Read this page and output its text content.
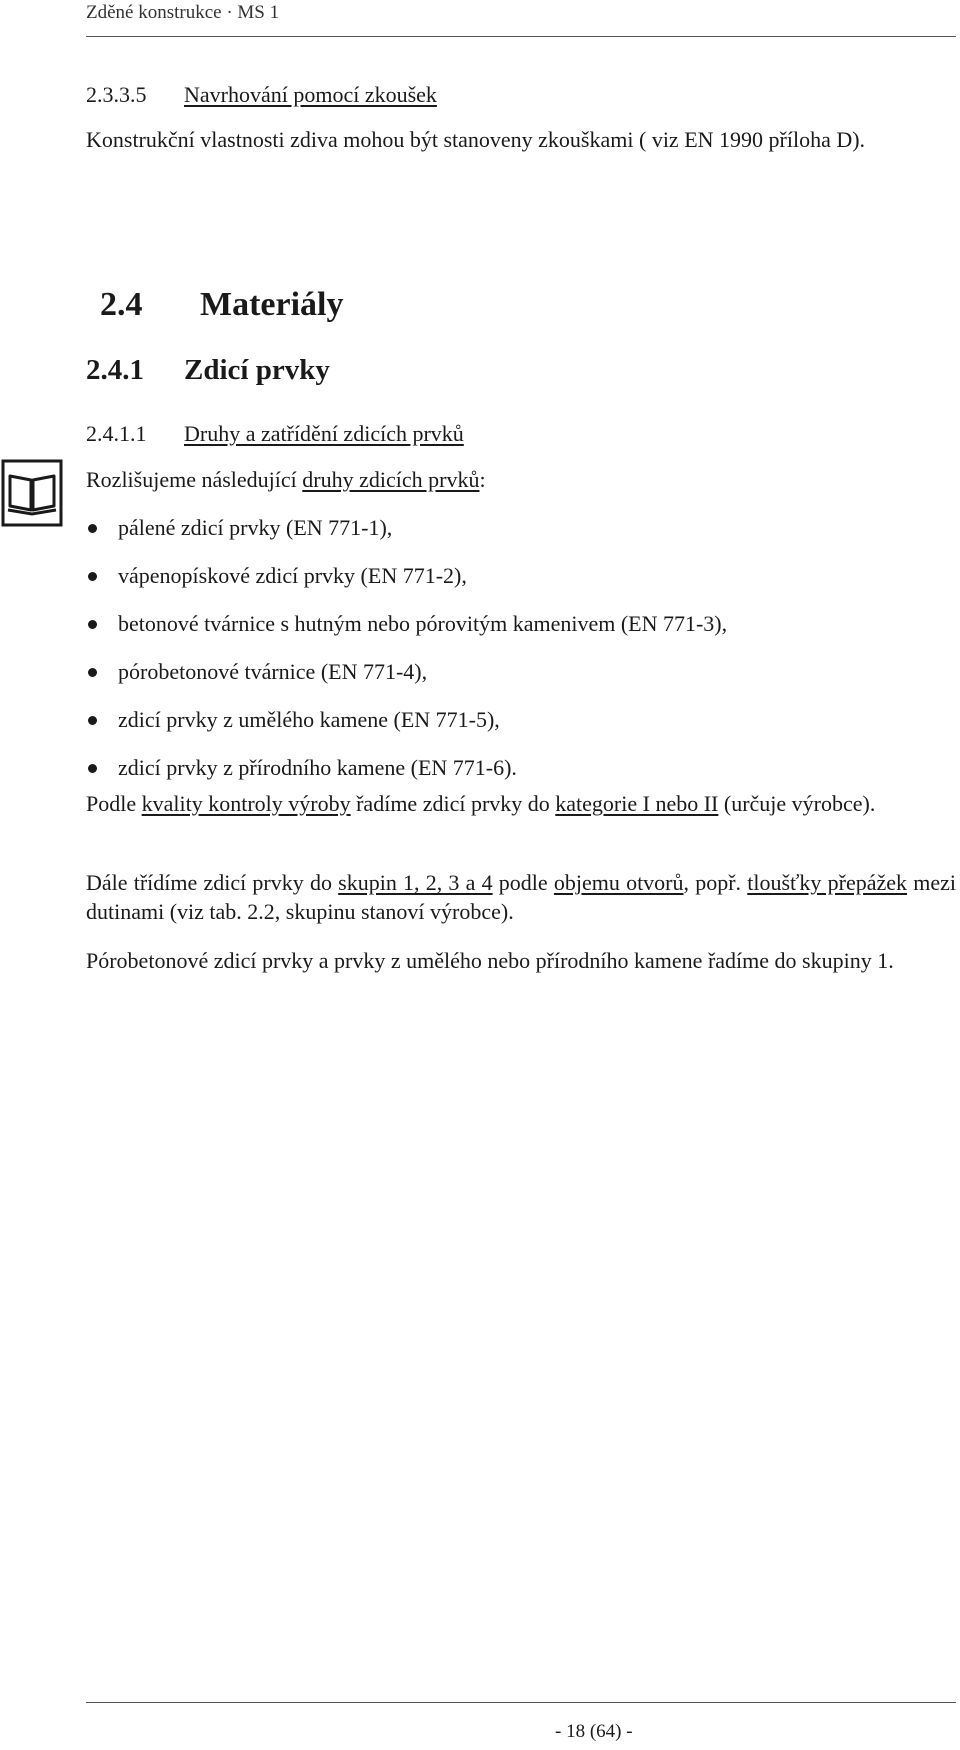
Zděné konstrukce · MS 1
2.3.3.5 Navrhování pomocí zkoušek
Konstrukční vlastnosti zdiva mohou být stanoveny zkouškami ( viz EN 1990 příloha D).
2.4 Materiály
2.4.1 Zdicí prvky
2.4.1.1 Druhy a zatřídění zdicích prvků
Rozlišujeme následující druhy zdicích prvků:
pálené zdicí prvky (EN 771-1),
vápenopískové zdicí prvky (EN 771-2),
betonové tvárnice s hutným nebo pórovitým kamenivem (EN 771-3),
pórobetonové tvárnice (EN 771-4),
zdicí prvky z umělého kamene (EN 771-5),
zdicí prvky z přírodního kamene (EN 771-6).
Podle kvality kontroly výroby řadíme zdicí prvky do kategorie I nebo II (určuje výrobce).
Dále třídíme zdicí prvky do skupin 1, 2, 3 a 4 podle objemu otvorů, popř. tloušťky přepážek mezi dutinami (viz tab. 2.2, skupinu stanoví výrobce).
Pórobetonové zdicí prvky a prvky z umělého nebo přírodního kamene řadíme do skupiny 1.
- 18 (64) -
